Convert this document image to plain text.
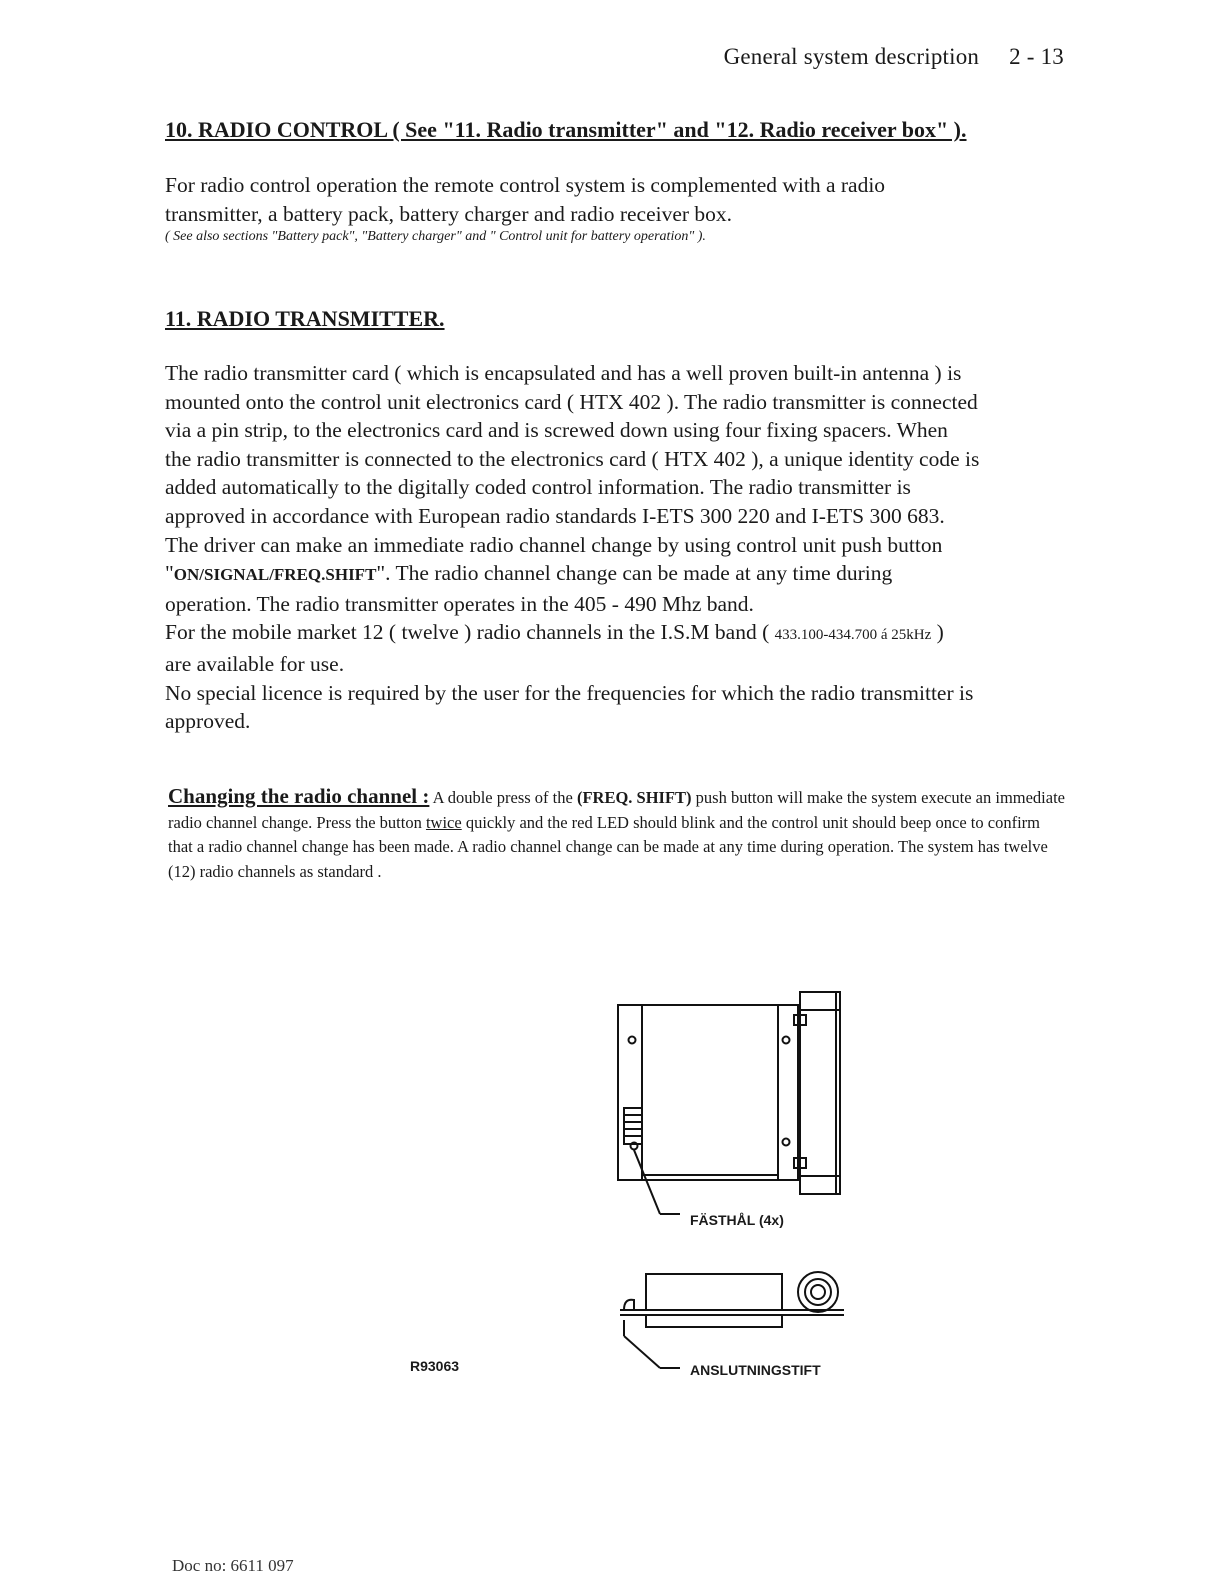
General system description 2 - 13
10. RADIO CONTROL ( See "11. Radio transmitter" and "12. Radio receiver box" ).
For radio control operation the remote control system is complemented with a radio
transmitter, a battery pack, battery charger and radio receiver box.
( See also sections "Battery pack", "Battery charger" and " Control unit for battery operation" ).
11. RADIO TRANSMITTER.
The radio transmitter card ( which is encapsulated and has a well proven built-in antenna ) is
mounted onto the control unit electronics card ( HTX 402 ). The radio transmitter is connected
via a pin strip, to the electronics card and is screwed down using four fixing spacers. When
the radio transmitter is connected to the electronics card ( HTX 402 ), a unique identity code is
added automatically to the digitally coded control information. The radio transmitter is
approved in accordance with European radio standards I-ETS 300 220 and I-ETS 300 683.
The driver can make an immediate radio channel change by using control unit push button
"ON/SIGNAL/FREQ.SHIFT". The radio channel change can be made at any time during
operation. The radio transmitter operates in the 405 - 490 Mhz band.
For the mobile market 12 ( twelve ) radio channels in the I.S.M band ( 433.100-434.700 á 25kHz )
are available for use.
No special licence is required by the user for the frequencies for which the radio transmitter is
approved.
Changing the radio channel : A double press of the (FREQ. SHIFT) push button will make the system execute an immediate radio channel change. Press the button twice quickly and the red LED should blink and the control unit should beep once to confirm that a radio channel change has been made. A radio channel change can be made at any time during operation. The system has twelve (12) radio channels as standard .
FÄSTHÅL (4x)
ANSLUTNINGSTIFT
R93063
Doc no: 6611 097
